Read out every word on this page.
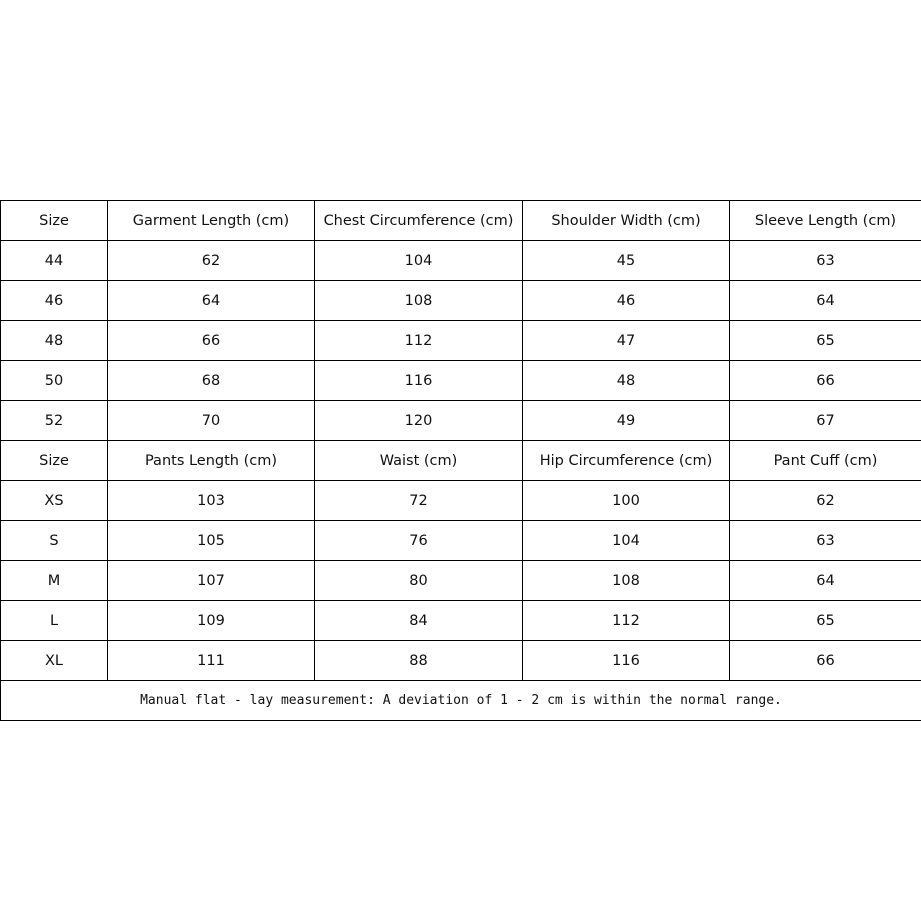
Size	Garment Length (cm)	Chest Circumference (cm)	Shoulder Width (cm)	Sleeve Length (cm)
44	62	104	45	63
46	64	108	46	64
48	66	112	47	65
50	68	116	48	66
52	70	120	49	67
Size	Pants Length (cm)	Waist (cm)	Hip Circumference (cm)	Pant Cuff (cm)
XS	103	72	100	62
S	105	76	104	63
M	107	80	108	64
L	109	84	112	65
XL	111	88	116	66
Manual flat - lay measurement: A deviation of 1 - 2 cm is within the normal range.				
